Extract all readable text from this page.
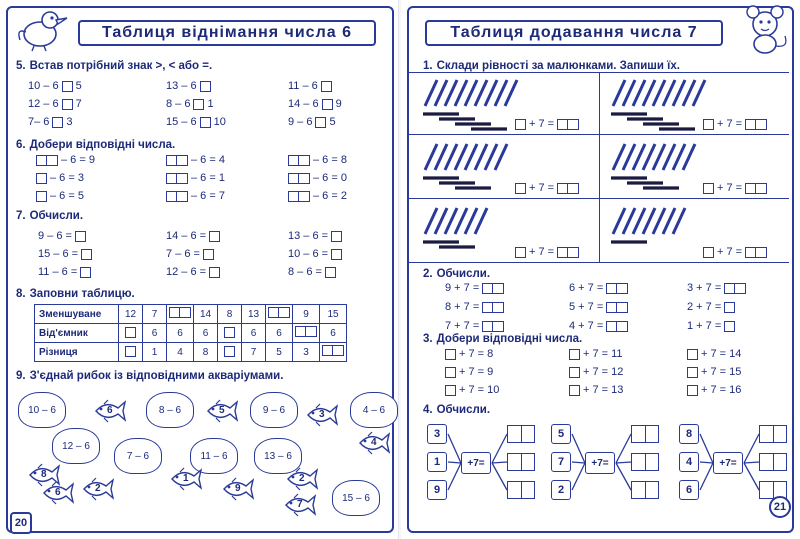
Таблиця віднімання числа 6
5. Встав потрібний знак >, < або =.
10 – 6 5	13 – 6	11 – 6
12 – 6 7	8 – 6 1	14 – 6 9
7– 6 3	15 – 6 10	9 – 6 5
6. Добери відповідні числа.
– 6 = 9	– 6 = 4	– 6 = 8
– 6 = 3	– 6 = 1	– 6 = 0
– 6 = 5	– 6 = 7	– 6 = 2
7. Обчисли.
9 – 6 =	14 – 6 =	13 – 6 =
15 – 6 =	7 – 6 =	10 – 6 =
11 – 6 =	12 – 6 =	8 – 6 =
8. Заповни таблицю.
Зменшуване	12	7		14	8	13		9	15
Від'ємник		6	6	6		6	6		6
Різниця		1	4	8		7	5	3	
9. З'єднай рибок із відповідними акваріумами.
10 – 6	8 – 6	9 – 6	4 – 6
12 – 6
7 – 6	11 – 6	13 – 6
15 – 6
6	5	3
4
8
2
1
9
2
7
6
20
Таблиця додавання числа 7
1. Склади рівності за малюнками. Запиши їх.
+ 7 =	+ 7 =
+ 7 =	+ 7 =
+ 7 =	+ 7 =
2. Обчисли.
9 + 7 =	6 + 7 =	3 + 7 =
8 + 7 =	5 + 7 =	2 + 7 =
7 + 7 =	4 + 7 =	1 + 7 =
3. Добери відповідні числа.
+ 7 = 8	+ 7 = 11	+ 7 = 14
+ 7 = 9	+ 7 = 12	+ 7 = 15
+ 7 = 10	+ 7 = 13	+ 7 = 16
4. Обчисли.
3
1
9
+7=
5
7
2
+7=
8
4
6
+7=
21
